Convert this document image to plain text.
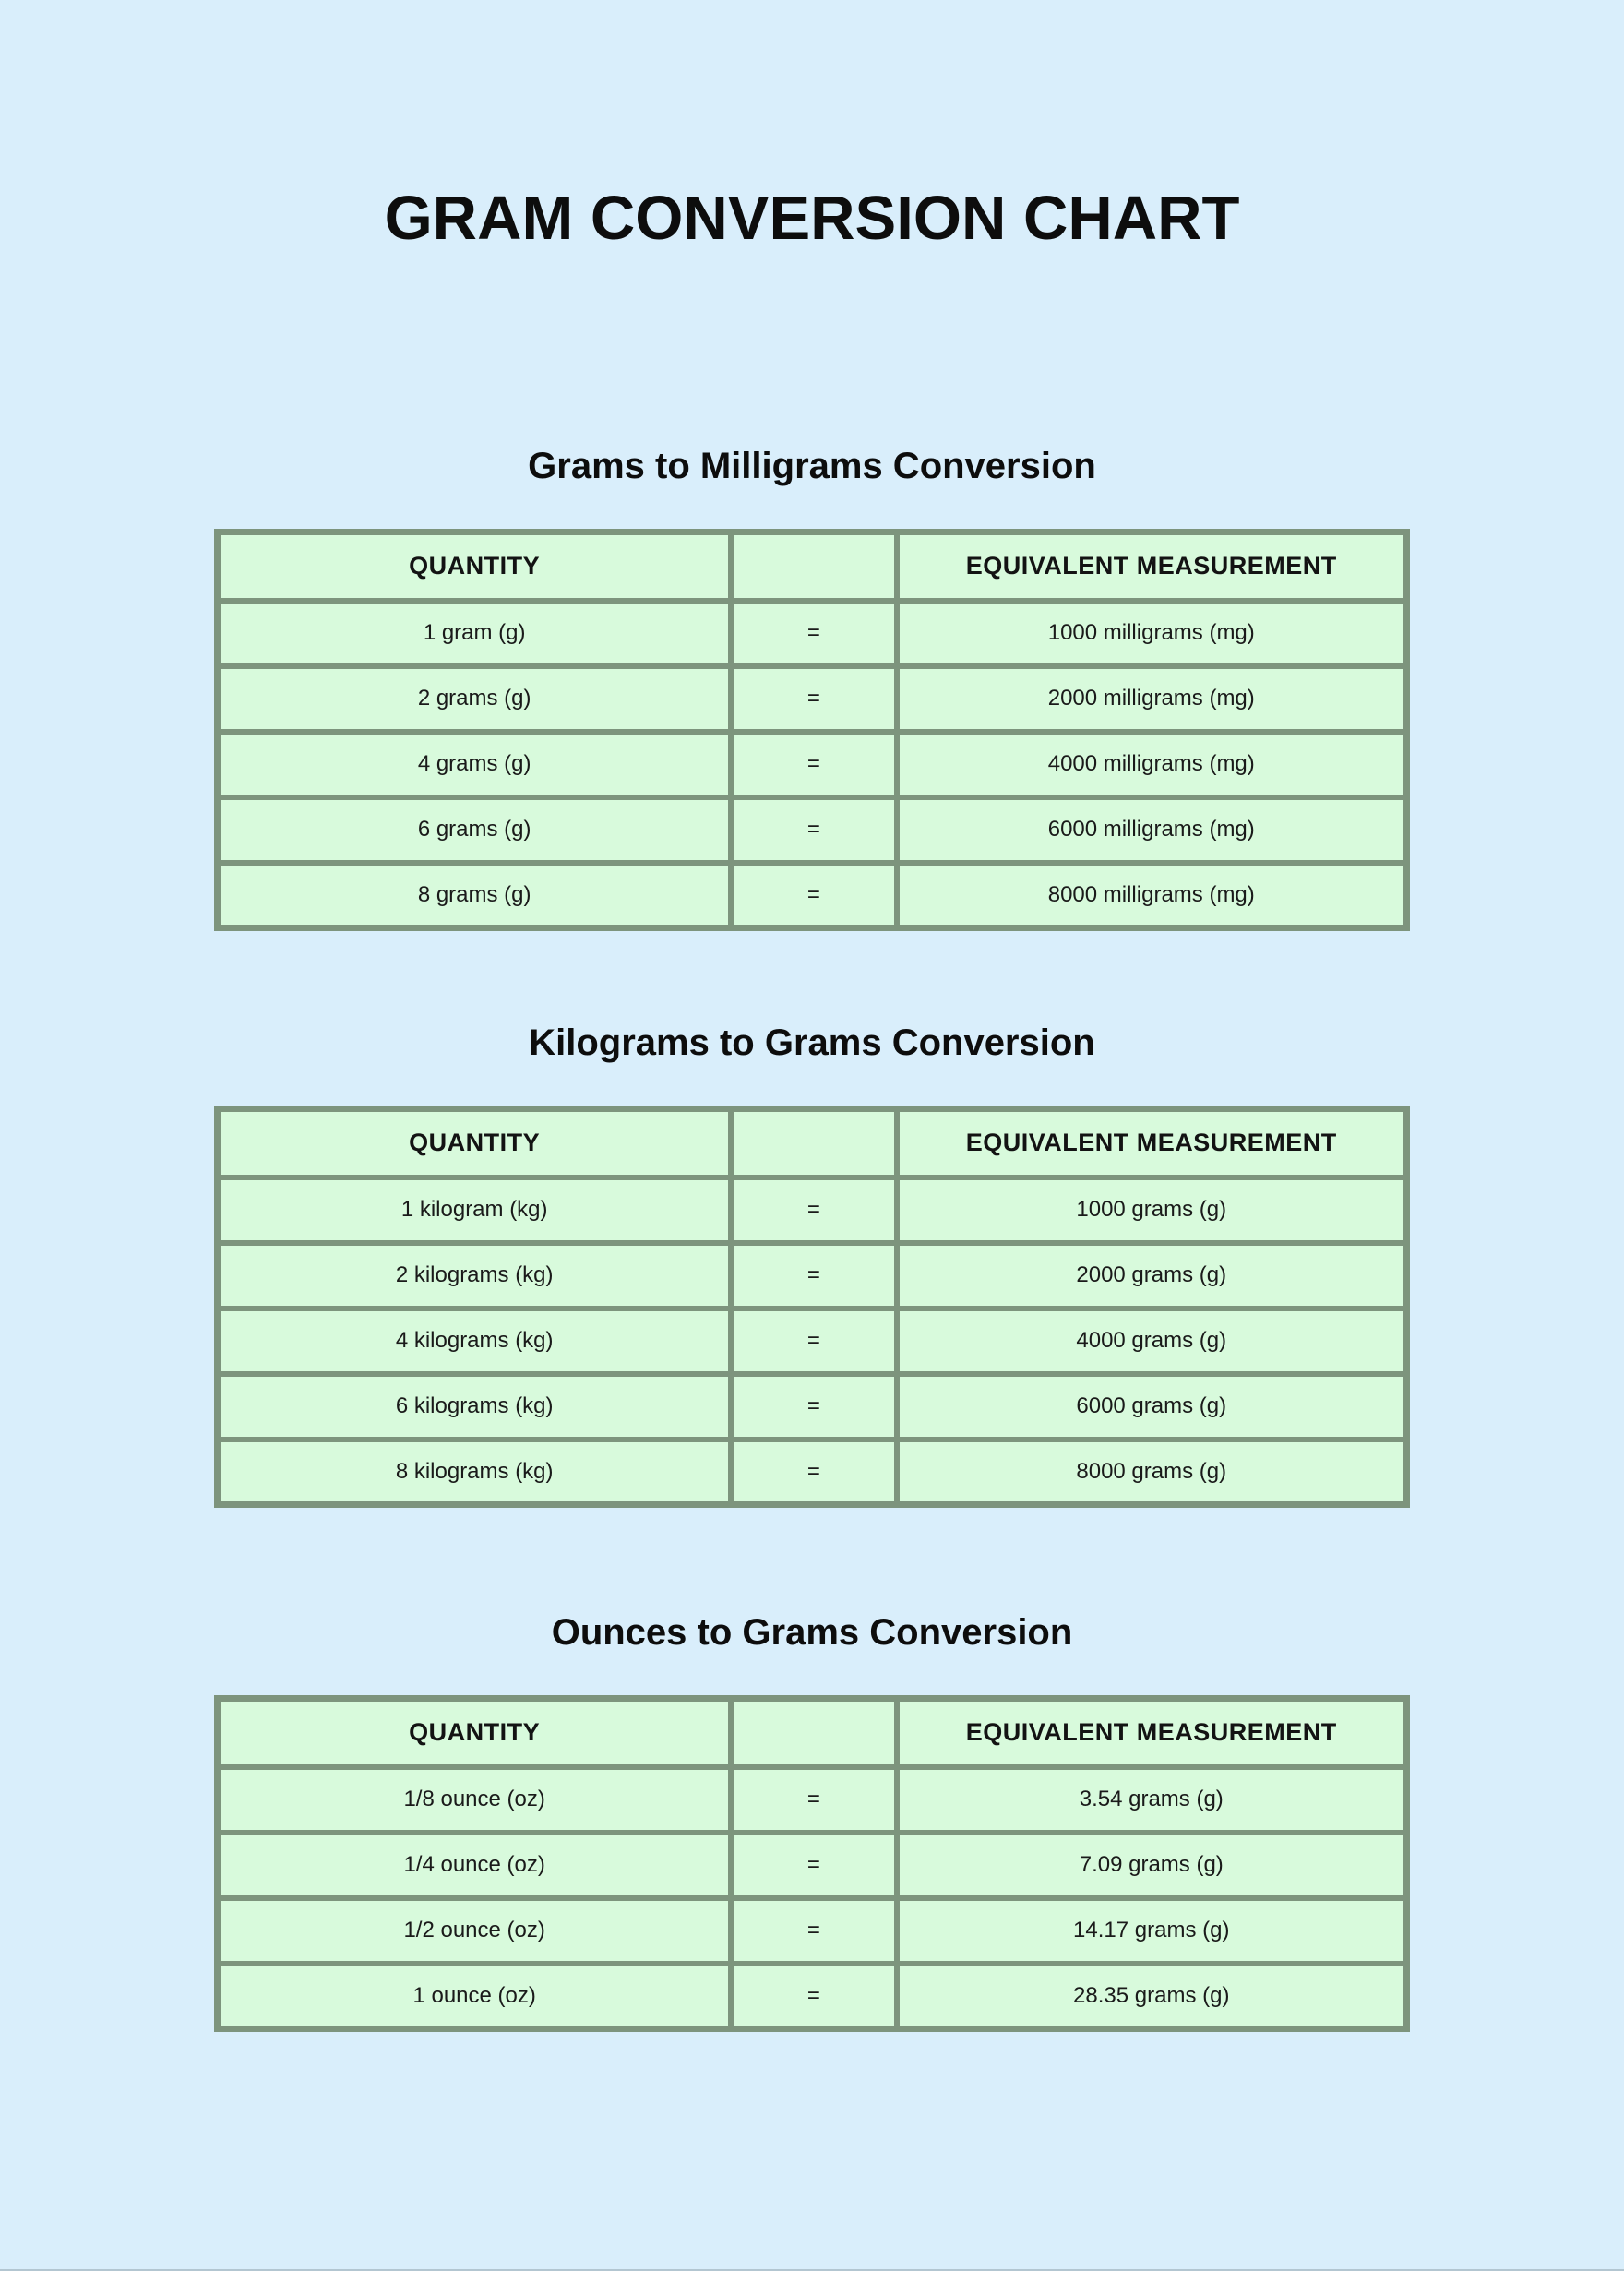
GRAM CONVERSION CHART
Grams to Milligrams Conversion
QUANTITY		EQUIVALENT MEASUREMENT
1 gram (g)	=	1000 milligrams (mg)
2 grams (g)	=	2000 milligrams (mg)
4 grams (g)	=	4000 milligrams (mg)
6 grams (g)	=	6000 milligrams (mg)
8 grams (g)	=	8000 milligrams (mg)
Kilograms to Grams Conversion
QUANTITY		EQUIVALENT MEASUREMENT
1 kilogram (kg)	=	1000 grams (g)
2 kilograms (kg)	=	2000 grams (g)
4 kilograms (kg)	=	4000 grams (g)
6 kilograms (kg)	=	6000 grams (g)
8 kilograms (kg)	=	8000 grams (g)
Ounces to Grams Conversion
QUANTITY		EQUIVALENT MEASUREMENT
1/8 ounce (oz)	=	3.54 grams (g)
1/4 ounce (oz)	=	7.09 grams (g)
1/2 ounce (oz)	=	14.17 grams (g)
1 ounce (oz)	=	28.35 grams (g)
